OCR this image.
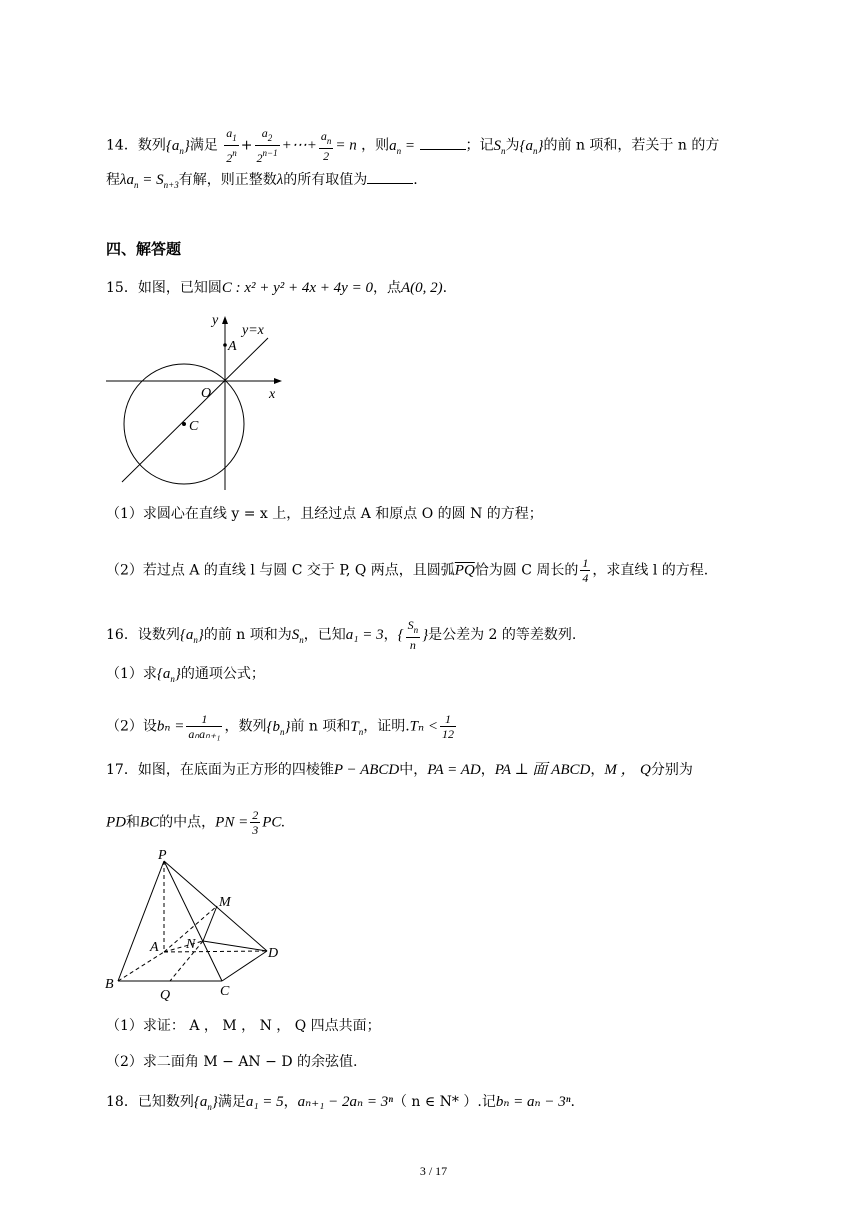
14．数列$\{a_n\}$满足 $\frac{a_1}{2^n} + \frac{a_2}{2^{n-1}}$ +⋯+ $\frac{a_n}{2} = n$ ，则$a_n$ =	；记$S_n$为$\{a_n\}$的前 n 项和，若关于 n 的方
程$\lambda a_n = S_{n+3}$有解，则正整数λ的所有取值为	.
四、解答题
15．如图，已知圆C : x² + y² + 4x + 4y = 0，点A(0, 2).
y
y=x
A
O	x
C
（1）求圆心在直线 y = x 上，且经过点 A 和原点 O 的圆 N 的方程；
（2）若过点 A 的直线 l 与圆 C 交于 P, Q 两点，且圆弧$\overline{PQ}$恰为圆 C 周长的 $\frac{1}{4}$ ，求直线 l 的方程.
16．设数列$\{a_n\}$的前 n 项和为$S_n$，已知a₁ = 3，{ $\frac{S_n}{n}$ }是公差为 2 的等差数列.
（1）求$\{a_n\}$的通项公式；
（2）设$b_n = \frac{1}{\text{aₙaₙ₊₁}}$ ，数列$\{b_n\}$前 n 项和$T_n$，证明$.T_n < \frac{1}{12}$
17．如图，在底面为正方形的四棱锥P − ABCD中，PA = AD，PA ⊥ 面 ABCD，M ， Q分别为
PD和BC的中点，PN = $\frac{2}{3}$ PC.
P
M
A N
D
B
Q	C
（1）求证： A ， M ， N ， Q 四点共面；
（2）求二面角 M − AN − D 的余弦值.
18．已知数列$\{a_n\}$满足a₁ = 5，aₙ₊₁ − 2aₙ = 3ⁿ（ n ∈ N* ）.记bₙ = aₙ − 3ⁿ.
3 / 17
